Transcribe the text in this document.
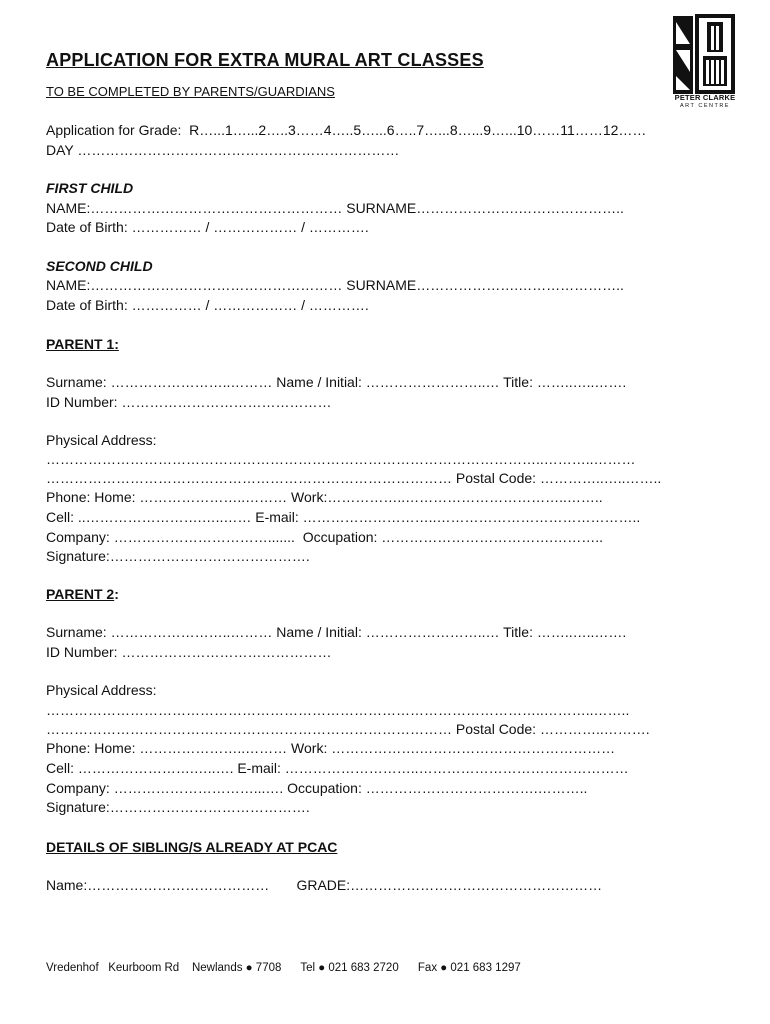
PETER CLARKE
ART CENTRE
APPLICATION FOR EXTRA MURAL ART CLASSES
TO BE COMPLETED BY PARENTS/GUARDIANS
Application for Grade:  R…...1…...2…..3……4…..5…...6…..7…...8…...9…...10……11……12……
DAY ……………………………………………………………
FIRST CHILD
NAME:……………………………………………… SURNAME………………….…………………..
Date of Birth: …………… / ……………… / ………….
SECOND CHILD
NAME:……………………………………………… SURNAME………………….…………………..
Date of Birth: …………… / ……………… / ………….
PARENT 1:
Surname: ……………………..……… Name / Initial: ……………………..… Title: ……..…..…….
ID Number: ………………………………………
Physical Address:
……………………………………………………………………………………………..………..………
…………………………………………………………………………… Postal Code: …………..…..……..
Phone: Home: …………………..……… Work:……………..……………………………..……..
Cell: ..…………………….…..…… E-mail: ………………………..……………………………………..
Company: …………………………….......  Occupation: ……………………………….………..
Signature:…………………………………….
PARENT 2:
Surname: ……………………..……… Name / Initial: ……………………..… Title: ……..…..…….
ID Number: ………………………………………
Physical Address:
……………………………………………………………………………………………..………..……..
…………………………………………………………………………… Postal Code: …………..……….
Phone: Home: …………………..……… Work: ……………….……………………………………
Cell: …………………….…..…. E-mail: ………………………..………………………………………
Company: …………………………...…. Occupation: ……………………………….………..
Signature:…………………………………….
DETAILS OF SIBLING/S ALREADY AT PCAC
Name:…………………………………       GRADE:………………………………………………
Vredenhof   Keurboom Rd    Newlands ● 7708      Tel ● 021 683 2720      Fax ● 021 683 1297
